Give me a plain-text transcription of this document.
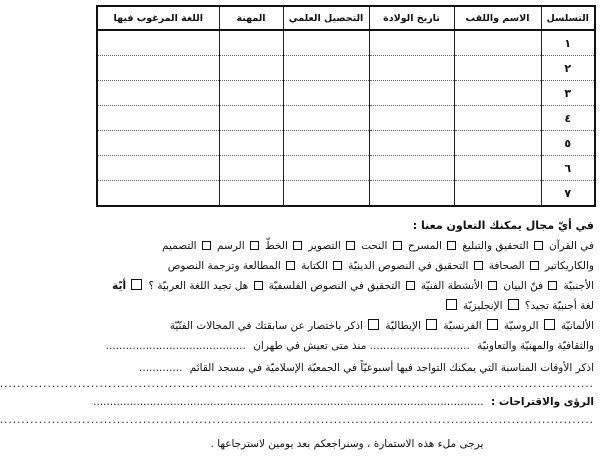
التسلسل	الاسم واللقب	تاريخ الولادة	التحصيل العلمي	المهنة	اللغة المرغوب فيها
١					
٢					
٣					
٤					
٥					
٦					
٧					
في أيّ مجال يمكنك التعاون معنا :
في القرآن التحقيق والتبليغ المسرح النحت التصوير الخطّ الرسم التصميم
والكاريكاتير الصحافة التحقيق في النصوص الدينيّة الكتابة المطالعة وترجمة النصوص
الأجنبيّة فنّ البيان الأنشطة الفنيّة التحقيق في النصوص الفلسفيّة هل تجيد اللغة العربيّة ؟ أيّة
لغة أجنبيّة تجيد؟ الإنجليزيّة
الألمانيّة الروسيّة الفرنسيّة الإيطاليّة اذكر باختصار عن سابقتك في المجالات الفنّيّة
والثقافيّة والمهنيّة والتعاونيّة .............................. منذ متى تعيش في طهران ..........................................
اذكر الأوقات المناسبة التي يمكنك التواجد فيها أسبوعيّاً في الجمعيّة الإسلاميّة في مسجد القائم .............
.........................................................................................................................................
الرؤى والاقتراحات : .....................................................................................................................
.........................................................................................................................................
يرجى ملء هذه الاستمارة ، وسنراجعكم بعد يومين لاسترجاعها .
